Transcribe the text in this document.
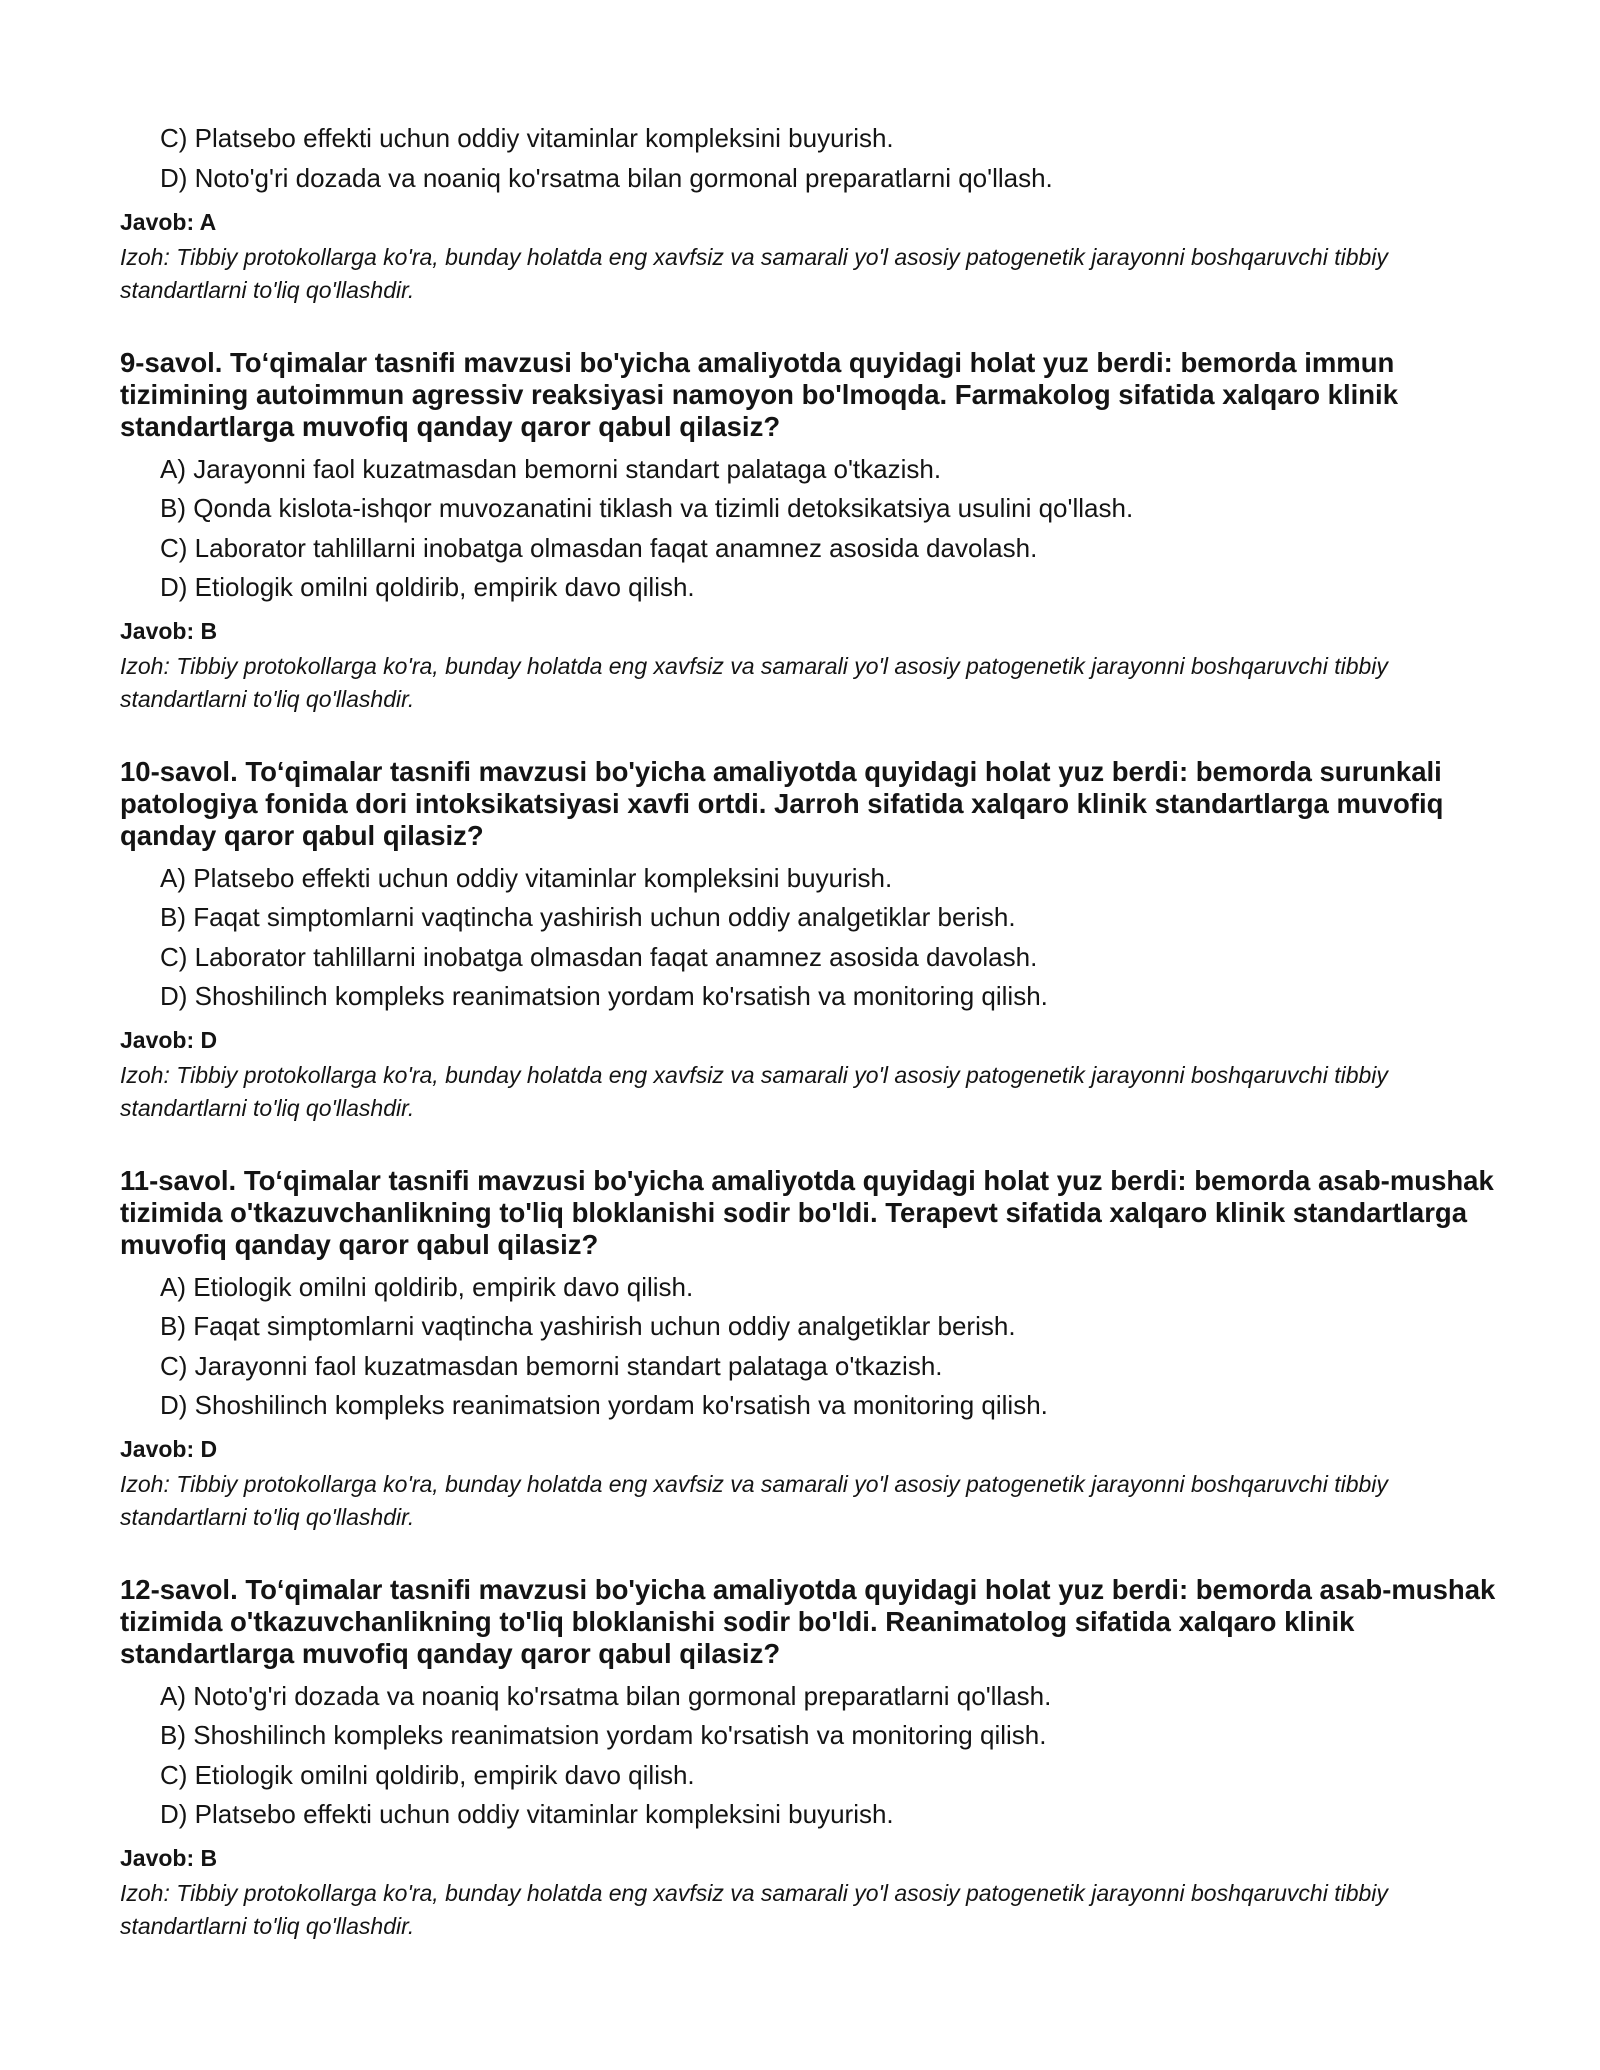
C) Platsebo effekti uchun oddiy vitaminlar kompleksini buyurish.
D) Noto'g'ri dozada va noaniq ko'rsatma bilan gormonal preparatlarni qo'llash.
Javob: A
Izoh: Tibbiy protokollarga ko'ra, bunday holatda eng xavfsiz va samarali yo'l asosiy patogenetik jarayonni boshqaruvchi tibbiy standartlarni to'liq qo'llashdir.
9-savol. To‘qimalar tasnifi mavzusi bo'yicha amaliyotda quyidagi holat yuz berdi: bemorda immun tizimining autoimmun agressiv reaksiyasi namoyon bo'lmoqda. Farmakolog sifatida xalqaro klinik standartlarga muvofiq qanday qaror qabul qilasiz?
A) Jarayonni faol kuzatmasdan bemorni standart palataga o'tkazish.
B) Qonda kislota-ishqor muvozanatini tiklash va tizimli detoksikatsiya usulini qo'llash.
C) Laborator tahlillarni inobatga olmasdan faqat anamnez asosida davolash.
D) Etiologik omilni qoldirib, empirik davo qilish.
Javob: B
Izoh: Tibbiy protokollarga ko'ra, bunday holatda eng xavfsiz va samarali yo'l asosiy patogenetik jarayonni boshqaruvchi tibbiy standartlarni to'liq qo'llashdir.
10-savol. To‘qimalar tasnifi mavzusi bo'yicha amaliyotda quyidagi holat yuz berdi: bemorda surunkali patologiya fonida dori intoksikatsiyasi xavfi ortdi. Jarroh sifatida xalqaro klinik standartlarga muvofiq qanday qaror qabul qilasiz?
A) Platsebo effekti uchun oddiy vitaminlar kompleksini buyurish.
B) Faqat simptomlarni vaqtincha yashirish uchun oddiy analgetiklar berish.
C) Laborator tahlillarni inobatga olmasdan faqat anamnez asosida davolash.
D) Shoshilinch kompleks reanimatsion yordam ko'rsatish va monitoring qilish.
Javob: D
Izoh: Tibbiy protokollarga ko'ra, bunday holatda eng xavfsiz va samarali yo'l asosiy patogenetik jarayonni boshqaruvchi tibbiy standartlarni to'liq qo'llashdir.
11-savol. To‘qimalar tasnifi mavzusi bo'yicha amaliyotda quyidagi holat yuz berdi: bemorda asab-mushak tizimida o'tkazuvchanlikning to'liq bloklanishi sodir bo'ldi. Terapevt sifatida xalqaro klinik standartlarga muvofiq qanday qaror qabul qilasiz?
A) Etiologik omilni qoldirib, empirik davo qilish.
B) Faqat simptomlarni vaqtincha yashirish uchun oddiy analgetiklar berish.
C) Jarayonni faol kuzatmasdan bemorni standart palataga o'tkazish.
D) Shoshilinch kompleks reanimatsion yordam ko'rsatish va monitoring qilish.
Javob: D
Izoh: Tibbiy protokollarga ko'ra, bunday holatda eng xavfsiz va samarali yo'l asosiy patogenetik jarayonni boshqaruvchi tibbiy standartlarni to'liq qo'llashdir.
12-savol. To‘qimalar tasnifi mavzusi bo'yicha amaliyotda quyidagi holat yuz berdi: bemorda asab-mushak tizimida o'tkazuvchanlikning to'liq bloklanishi sodir bo'ldi. Reanimatolog sifatida xalqaro klinik standartlarga muvofiq qanday qaror qabul qilasiz?
A) Noto'g'ri dozada va noaniq ko'rsatma bilan gormonal preparatlarni qo'llash.
B) Shoshilinch kompleks reanimatsion yordam ko'rsatish va monitoring qilish.
C) Etiologik omilni qoldirib, empirik davo qilish.
D) Platsebo effekti uchun oddiy vitaminlar kompleksini buyurish.
Javob: B
Izoh: Tibbiy protokollarga ko'ra, bunday holatda eng xavfsiz va samarali yo'l asosiy patogenetik jarayonni boshqaruvchi tibbiy standartlarni to'liq qo'llashdir.
